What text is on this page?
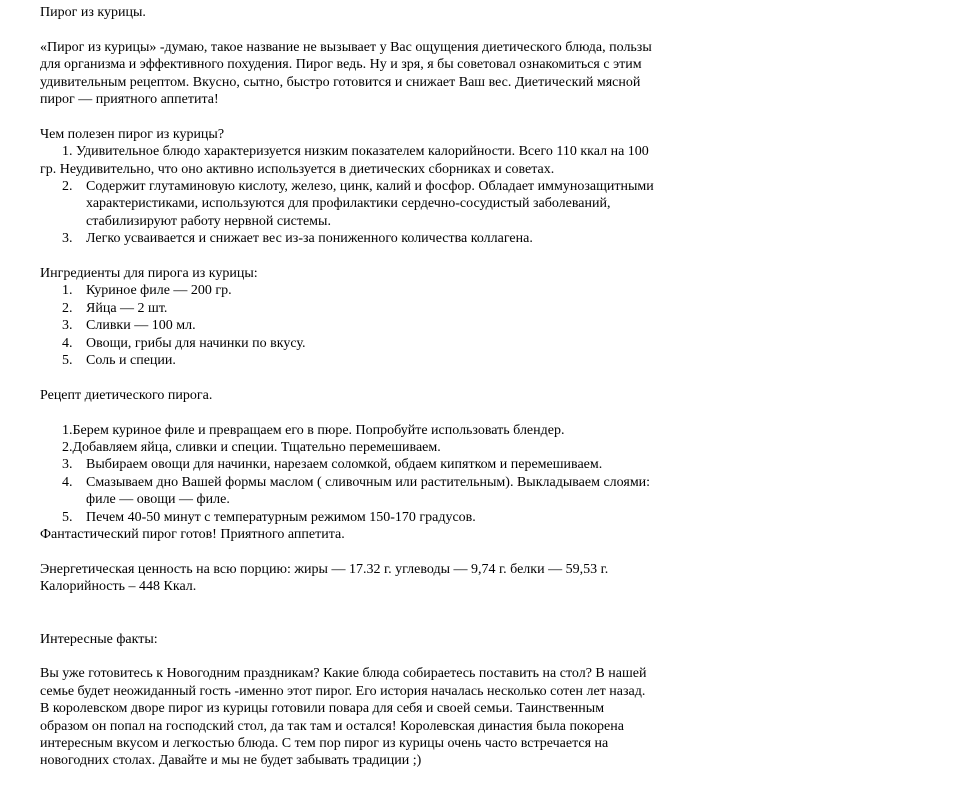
Пирог из курицы.
«Пирог из курицы» -думаю, такое название не вызывает у Вас ощущения диетического блюда, пользы для организма и эффективного похудения. Пирог ведь. Ну и зря, я бы советовал ознакомиться с этим удивительным рецептом. Вкусно, сытно, быстро готовится и снижает Ваш вес. Диетический мясной пирог — приятного аппетита!
Чем полезен пирог из курицы?
1. Удивительное блюдо характеризуется низким показателем калорийности. Всего 110 ккал на 100 гр. Неудивительно, что оно активно используется в диетических сборниках и советах.
2. Содержит глутаминовую кислоту, железо, цинк, калий и фосфор. Обладает иммунозащитными характеристиками, используются для профилактики сердечно-сосудистый заболеваний, стабилизируют работу нервной системы.
3. Легко усваивается и снижает вес из-за пониженного количества коллагена.
Ингредиенты для пирога из курицы:
1. Куриное филе — 200 гр.
2. Яйца — 2 шт.
3. Сливки — 100 мл.
4. Овощи, грибы для начинки по вкусу.
5. Соль и специи.
Рецепт диетического пирога.
1.Берем куриное филе и превращаем его в пюре. Попробуйте использовать блендер.
2.Добавляем яйца, сливки и специи. Тщательно перемешиваем.
3. Выбираем овощи для начинки, нарезаем соломкой, обдаем кипятком и перемешиваем.
4. Смазываем дно Вашей формы маслом ( сливочным или растительным). Выкладываем слоями: филе — овощи — филе.
5. Печем 40-50 минут с температурным режимом 150-170 градусов.
Фантастический пирог готов! Приятного аппетита.
Энергетическая ценность на всю порцию: жиры — 17.32 г. углеводы — 9,74 г. белки — 59,53 г. Калорийность – 448 Ккал.
Интересные факты:
Вы уже готовитесь к Новогодним праздникам? Какие блюда собираетесь поставить на стол? В нашей семье будет неожиданный гость -именно этот пирог. Его история началась несколько сотен лет назад. В королевском дворе пирог из курицы готовили повара для себя и своей семьи. Таинственным образом он попал на господский стол, да так там и остался! Королевская династия была покорена интересным вкусом и легкостью блюда. С тем пор пирог из курицы очень часто встречается на новогодних столах. Давайте и мы не будет забывать традиции ;)
